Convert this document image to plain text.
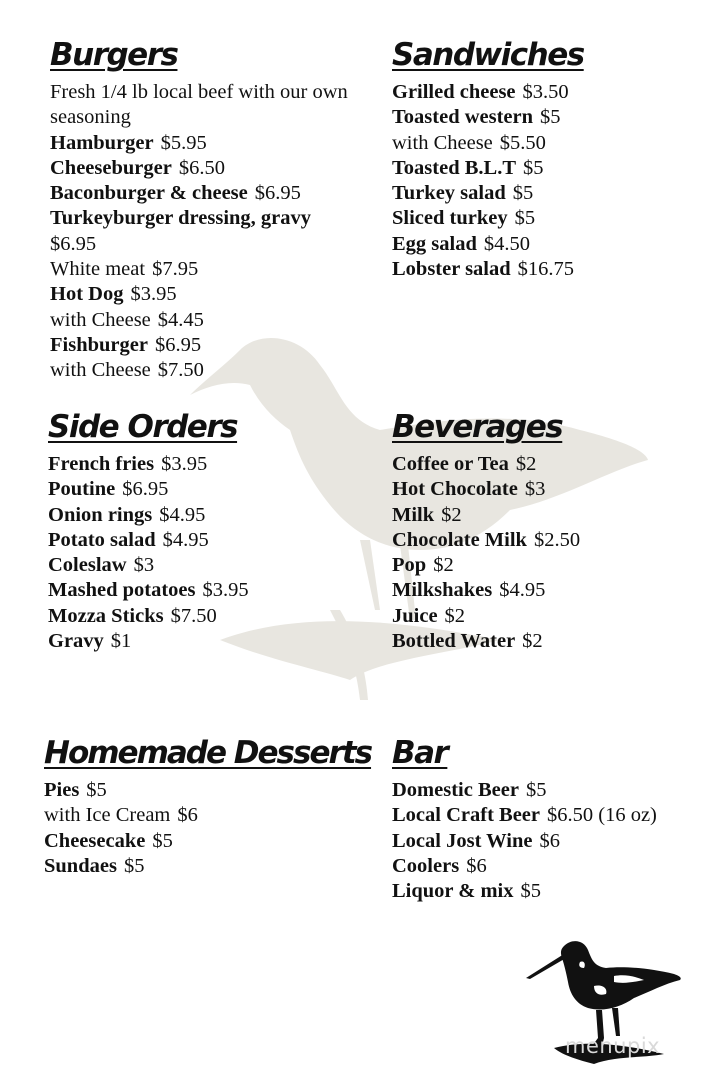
Burgers
Fresh 1/4 lb local beef with our own seasoning
Hamburger $5.95
Cheeseburger $6.50
Baconburger & cheese $6.95
Turkeyburger dressing, gravy
$6.95
White meat $7.95
Hot Dog $3.95
with Cheese $4.45
Fishburger $6.95
with Cheese $7.50
Sandwiches
Grilled cheese $3.50
Toasted western $5
with Cheese $5.50
Toasted B.L.T $5
Turkey salad $5
Sliced turkey $5
Egg salad $4.50
Lobster salad $16.75
Side Orders
French fries $3.95
Poutine $6.95
Onion rings $4.95
Potato salad $4.95
Coleslaw $3
Mashed potatoes $3.95
Mozza Sticks $7.50
Gravy $1
Beverages
Coffee or Tea $2
Hot Chocolate $3
Milk $2
Chocolate Milk $2.50
Pop $2
Milkshakes $4.95
Juice $2
Bottled Water $2
Homemade Desserts
Pies $5
with Ice Cream $6
Cheesecake $5
Sundaes $5
Bar
Domestic Beer $5
Local Craft Beer $6.50 (16 oz)
Local Jost Wine $6
Coolers $6
Liquor & mix $5
menupix
